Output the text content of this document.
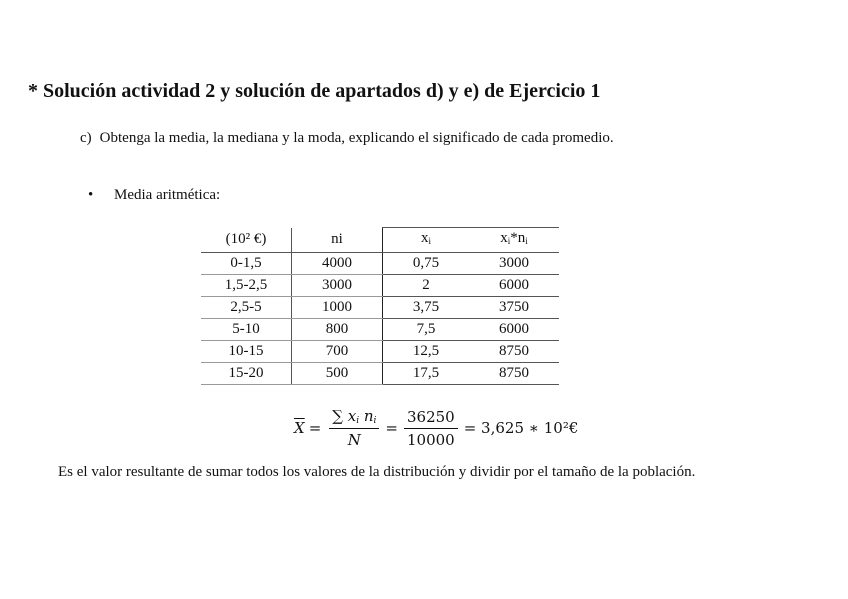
* Solución actividad 2 y solución de apartados d) y e) de Ejercicio 1
c) Obtenga la media, la mediana y la moda, explicando el significado de cada promedio.
• Media aritmética:
(10² €)	ni	$x_i$	$x_i*n_i$
0-1,5	4000	0,75	3000
1,5-2,5	3000	2	6000
2,5-5	1000	3,75	3750
5-10	800	7,5	6000
10-15	700	12,5	8750
15-20	500	17,5	8750
$\overline{X} = \frac{\sum x_i n_i}{N} = \frac{36250}{10000} = 3,625$ ∗ 10²€
Es el valor resultante de sumar todos los valores de la distribución y dividir por el tamaño de la población.
